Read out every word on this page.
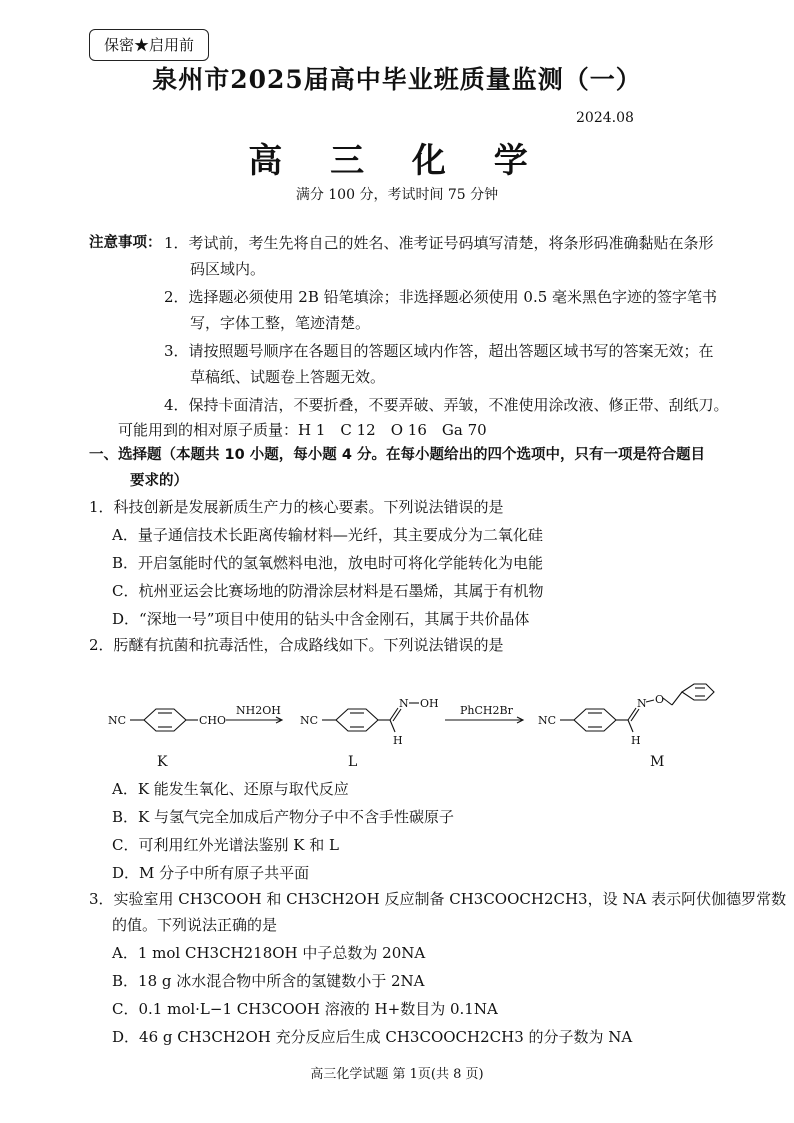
保密★启用前
泉州市2025届高中毕业班质量监测（一）
2024.08
高 三 化 学
满分 100 分，考试时间 75 分钟
注意事项： 1．考试前，考生先将自己的姓名、准考证号码填写清楚，将条形码准确黏贴在条形
码区域内。
2．选择题必须使用 2B 铅笔填涂；非选择题必须使用 0.5 毫米黑色字迹的签字笔书
写，字体工整，笔迹清楚。
3．请按照题号顺序在各题目的答题区域内作答，超出答题区域书写的答案无效；在
草稿纸、试题卷上答题无效。
4．保持卡面清洁，不要折叠，不要弄破、弄皱，不准使用涂改液、修正带、刮纸刀。
可能用到的相对原子质量：H 1　C 12　O 16　Ga 70
一、选择题（本题共 10 小题，每小题 4 分。在每小题给出的四个选项中，只有一项是符合题目
要求的）
1．科技创新是发展新质生产力的核心要素。下列说法错误的是
A．量子通信技术长距离传输材料—光纤，其主要成分为二氧化硅
B．开启氢能时代的氢氧燃料电池，放电时可将化学能转化为电能
C．杭州亚运会比赛场地的防滑涂层材料是石墨烯，其属于有机物
D．“深地一号”项目中使用的钻头中含金刚石，其属于共价晶体
2．肟醚有抗菌和抗毒活性，合成路线如下。下列说法错误的是
NC	CHO
NH2OH
NC
N OH
H
PhCH2Br
NC
N O
H
K	L	M
A．K 能发生氧化、还原与取代反应
B．K 与氢气完全加成后产物分子中不含手性碳原子
C．可利用红外光谱法鉴别 K 和 L
D．M 分子中所有原子共平面
3．实验室用 CH3COOH 和 CH3CH2OH 反应制备 CH3COOCH2CH3，设 NA 表示阿伏伽德罗常数
的值。下列说法正确的是
A．1 mol CH3CH218OH 中子总数为 20NA
B．18 g 冰水混合物中所含的氢键数小于 2NA
C．0.1 mol·L−1 CH3COOH 溶液的 H+数目为 0.1NA
D．46 g CH3CH2OH 充分反应后生成 CH3COOCH2CH3 的分子数为 NA
高三化学试题 第 1页(共 8 页)
